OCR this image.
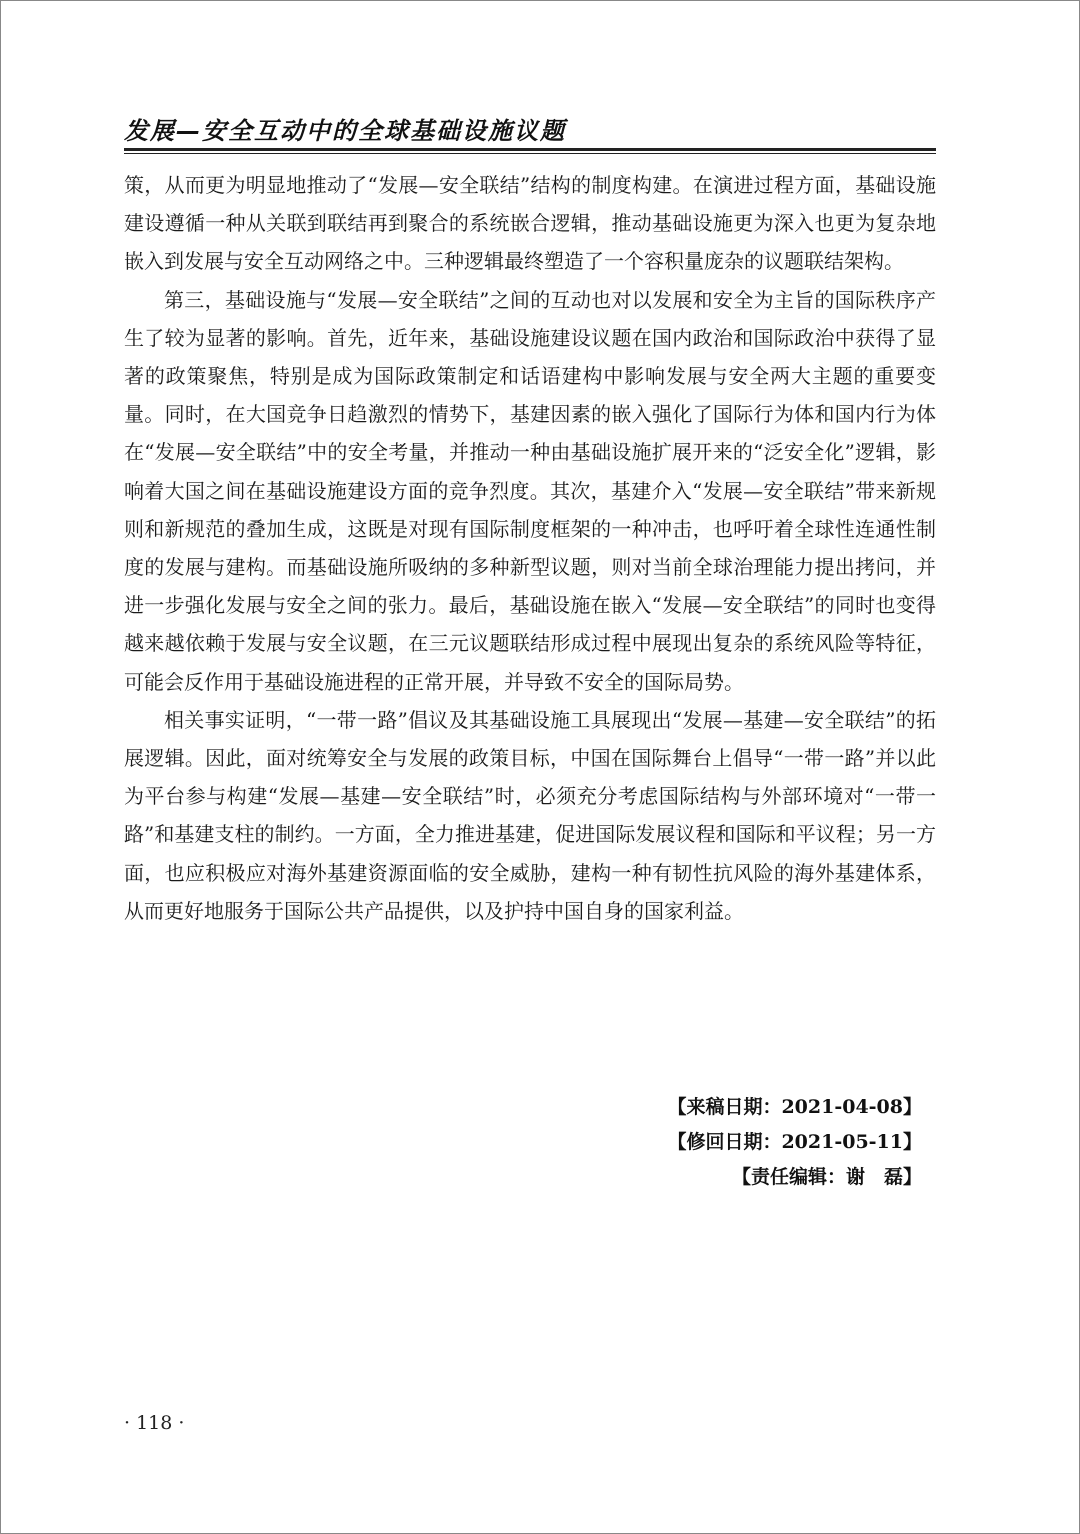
发展—安全互动中的全球基础设施议题

策，从而更为明显地推动了“发展—安全联结”结构的制度构建。在演进过程方面，基础设施建设遵循一种从关联到联结再到聚合的系统嵌合逻辑，推动基础设施更为深入也更为复杂地嵌入到发展与安全互动网络之中。三种逻辑最终塑造了一个容积量庞杂的议题联结架构。

第三，基础设施与“发展—安全联结”之间的互动也对以发展和安全为主旨的国际秩序产生了较为显著的影响。首先，近年来，基础设施建设议题在国内政治和国际政治中获得了显著的政策聚焦，特别是成为国际政策制定和话语建构中影响发展与安全两大主题的重要变量。同时，在大国竞争日趋激烈的情势下，基建因素的嵌入强化了国际行为体和国内行为体在“发展—安全联结”中的安全考量，并推动一种由基础设施扩展开来的“泛安全化”逻辑，影响着大国之间在基础设施建设方面的竞争烈度。其次，基建介入“发展—安全联结”带来新规则和新规范的叠加生成，这既是对现有国际制度框架的一种冲击，也呼吁着全球性连通性制度的发展与建构。而基础设施所吸纳的多种新型议题，则对当前全球治理能力提出拷问，并进一步强化发展与安全之间的张力。最后，基础设施在嵌入“发展—安全联结”的同时也变得越来越依赖于发展与安全议题，在三元议题联结形成过程中展现出复杂的系统风险等特征，可能会反作用于基础设施进程的正常开展，并导致不安全的国际局势。

相关事实证明，“一带一路”倡议及其基础设施工具展现出“发展—基建—安全联结”的拓展逻辑。因此，面对统筹安全与发展的政策目标，中国在国际舞台上倡导“一带一路”并以此为平台参与构建“发展—基建—安全联结”时，必须充分考虑国际结构与外部环境对“一带一路”和基建支柱的制约。一方面，全力推进基建，促进国际发展议程和国际和平议程；另一方面，也应积极应对海外基建资源面临的安全威胁，建构一种有韧性抗风险的海外基建体系，从而更好地服务于国际公共产品提供，以及护持中国自身的国家利益。

【来稿日期：2021-04-08】
【修回日期：2021-05-11】
【责任编辑：谢　磊】
· 118 ·
